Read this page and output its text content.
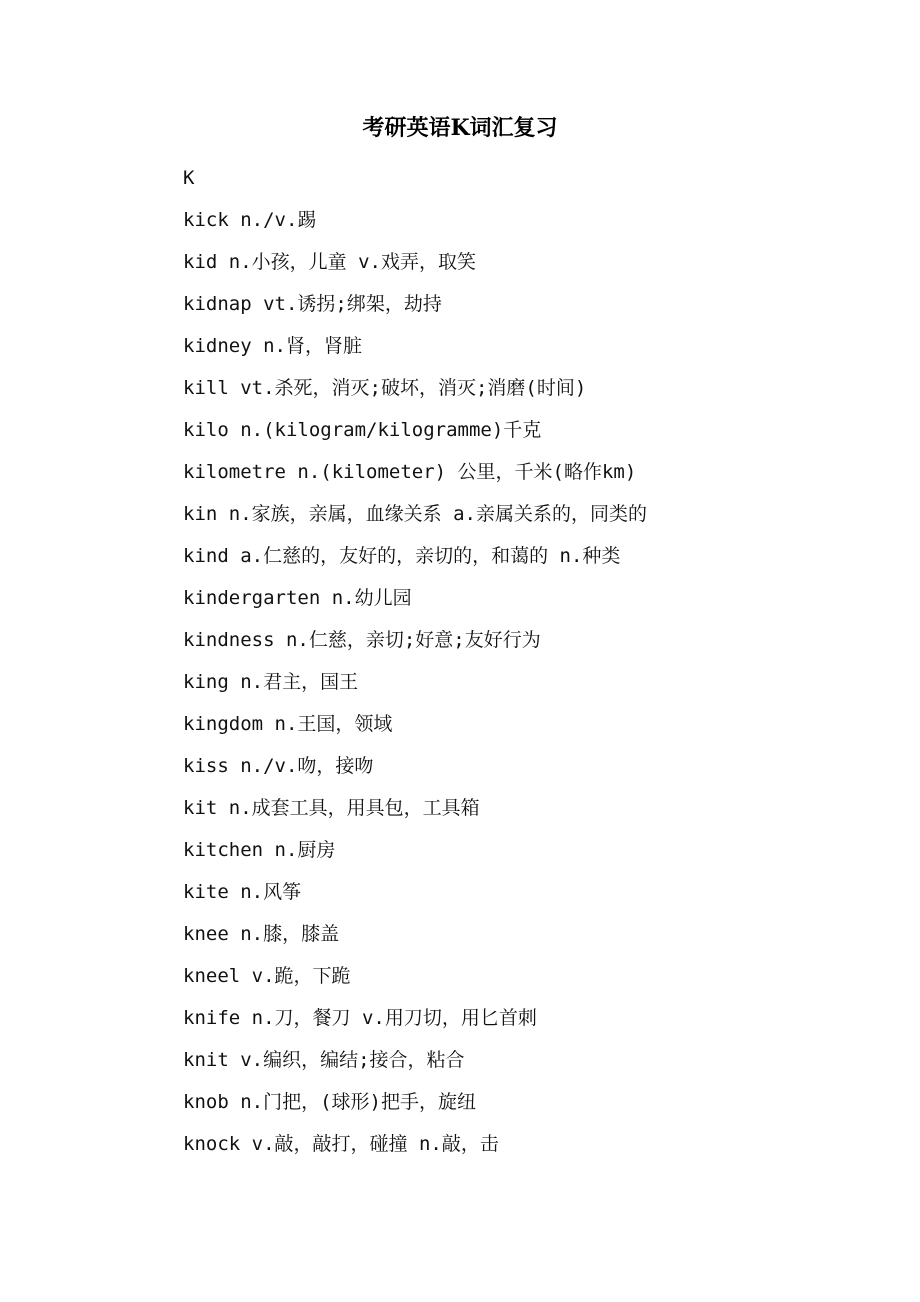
考研英语K词汇复习
K
kick n./v.踢
kid n.小孩，儿童 v.戏弄，取笑
kidnap vt.诱拐;绑架，劫持
kidney n.肾，肾脏
kill vt.杀死，消灭;破坏，消灭;消磨(时间)
kilo n.(kilogram/kilogramme)千克
kilometre n.(kilometer) 公里，千米(略作km)
kin n.家族，亲属，血缘关系 a.亲属关系的，同类的
kind a.仁慈的，友好的，亲切的，和蔼的 n.种类
kindergarten n.幼儿园
kindness n.仁慈，亲切;好意;友好行为
king n.君主，国王
kingdom n.王国，领域
kiss n./v.吻，接吻
kit n.成套工具，用具包，工具箱
kitchen n.厨房
kite n.风筝
knee n.膝，膝盖
kneel v.跪，下跪
knife n.刀，餐刀 v.用刀切，用匕首刺
knit v.编织，编结;接合，粘合
knob n.门把，(球形)把手，旋纽
knock v.敲，敲打，碰撞 n.敲，击
